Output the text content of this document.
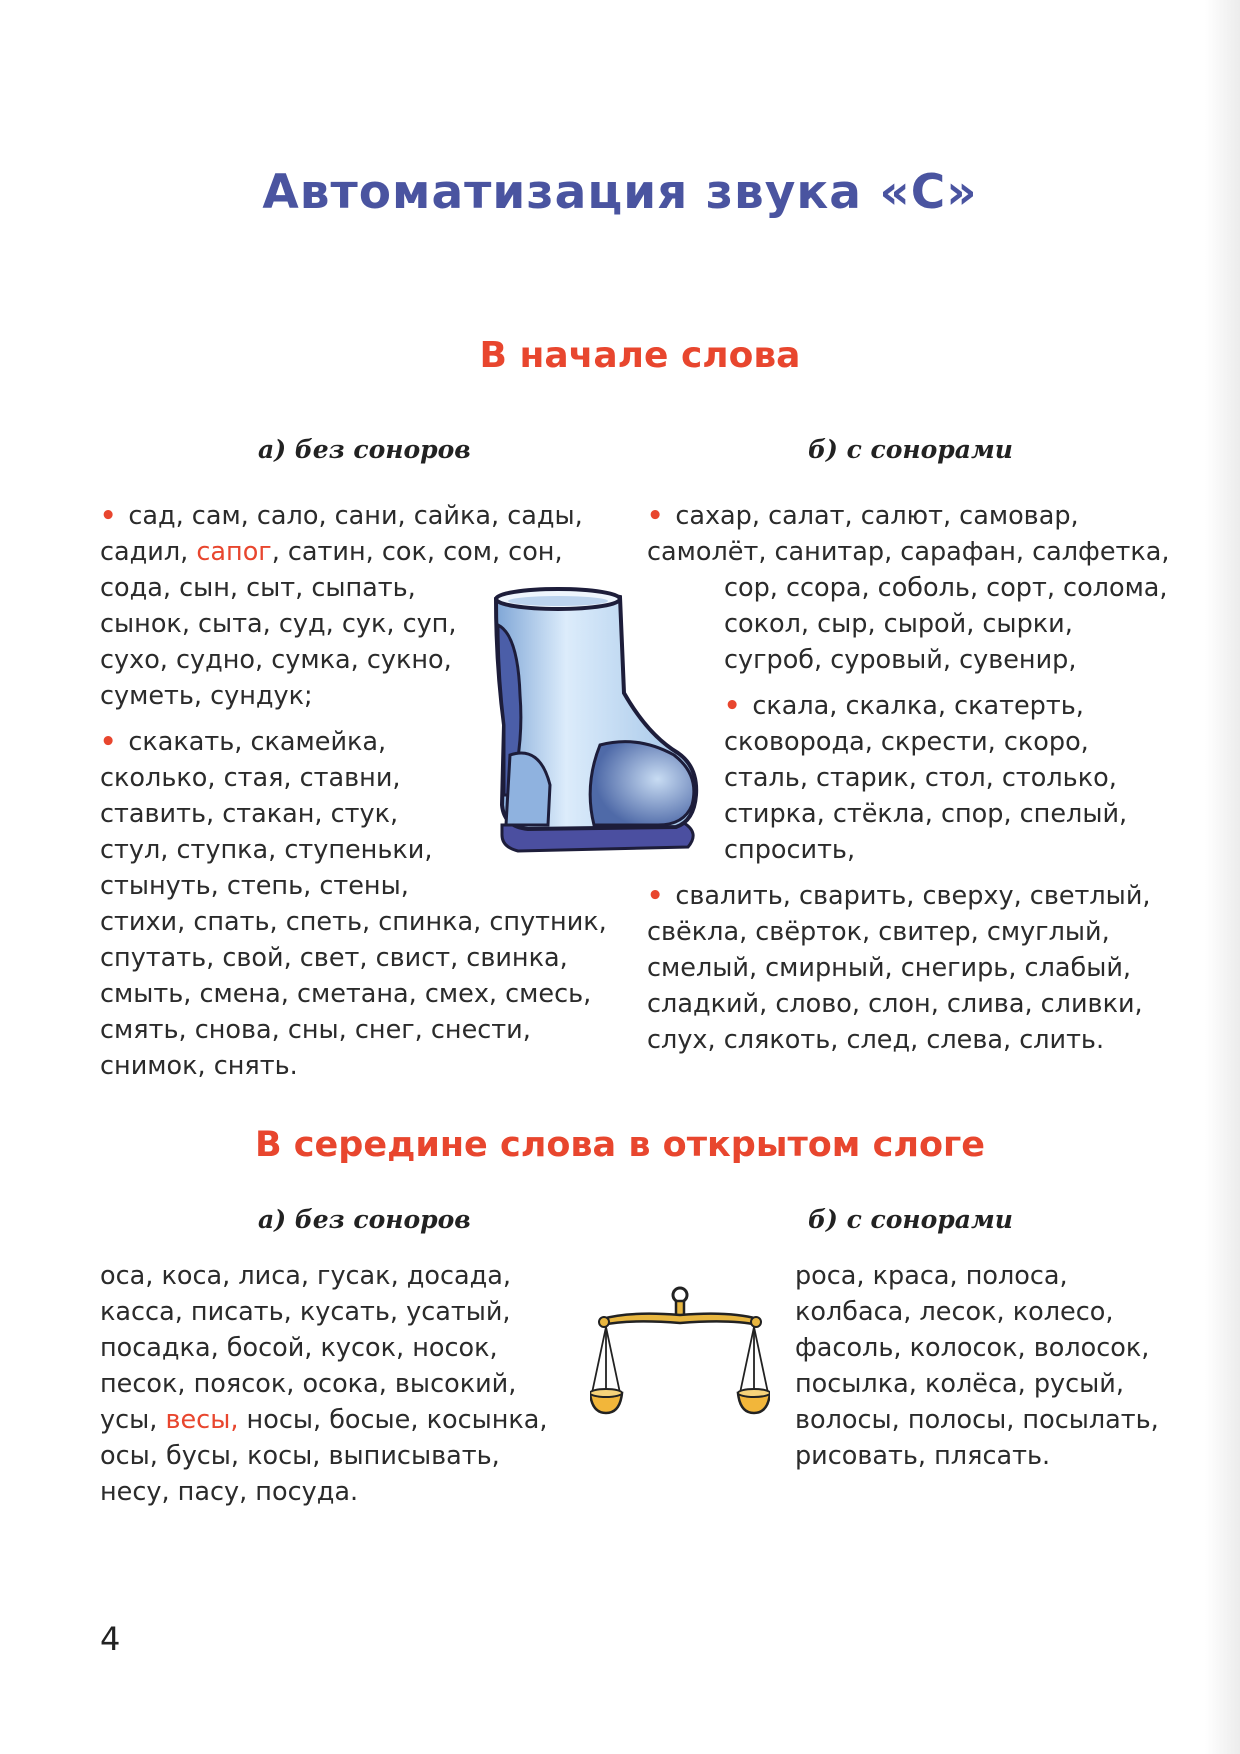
Автоматизация звука «С»
В начале слова
а) без соноров	б) с сонорами

• сад, сам, сало, сани, сайка, сады,

садил, сапог, сатин, сок, сом, сон,

сода, сын, сыт, сыпать,

сынок, сыта, суд, сук, суп,

сухо, судно, сумка, сукно,

суметь, сундук;

• скакать, скамейка,

сколько, стая, ставни,

ставить, стакан, стук,

стул, ступка, ступеньки,

стынуть, степь, стены,

стихи, спать, спеть, спинка, спутник,

спутать, свой, свет, свист, свинка,

смыть, смена, сметана, смех, смесь,

смять, снова, сны, снег, снести,

снимок, снять.

• сахар, салат, салют, самовар,

самолёт, санитар, сарафан, салфетка,

сор, ссора, соболь, сорт, солома,

сокол, сыр, сырой, сырки,

сугроб, суровый, сувенир,

• скала, скалка, скатерть,

сковорода, скрести, скоро,

сталь, старик, стол, столько,

стирка, стёкла, спор, спелый,

спросить,

• свалить, сварить, сверху, светлый,

свёкла, свёрток, свитер, смуглый,

смелый, смирный, снегирь, слабый,

сладкий, слово, слон, слива, сливки,

слух, слякоть, след, слева, слить.

В середине слова в открытом слоге
а) без соноров	б) с сонорами

оса, коса, лиса, гусак, досада,

касса, писать, кусать, усатый,

посадка, босой, кусок, носок,

песок, поясок, осока, высокий,

усы, весы, носы, босые, косынка,

осы, бусы, косы, выписывать,

несу, пасу, посуда.

роса, краса, полоса,

колбаса, лесок, колесо,

фасоль, колосок, волосок,

посылка, колёса, русый,

волосы, полосы, посылать,

рисовать, плясать.

4
